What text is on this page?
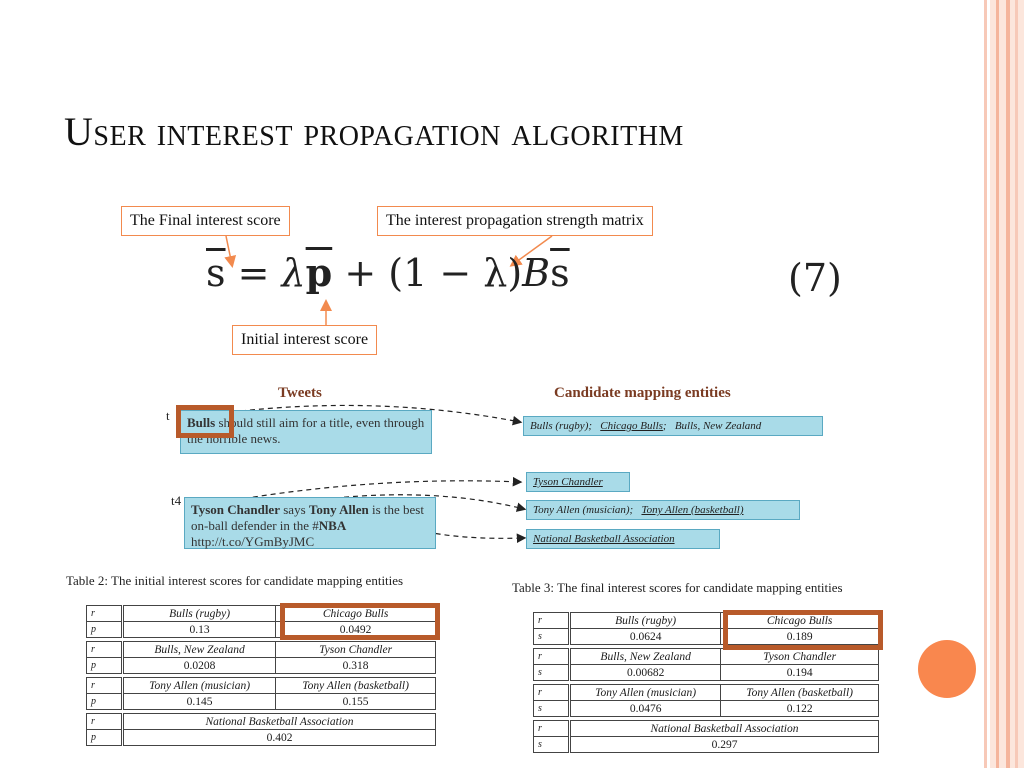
User interest propagation algorithm
The Final interest score	The interest propagation strength matrix
Initial interest score
$\overline{s} = \lambda\overline{p} + (1 - \lambda)B\overline{s}$	(7)
Tweets	Candidate mapping entities
t	Bulls should still aim for a title, even through the horrible news.
t4
Tyson Chandler says Tony Allen is the best on-ball defender in the #NBA http://t.co/YGmByJMC
Bulls (rugby); Chicago Bulls; Bulls, New Zealand
Tyson Chandler
Tony Allen (musician); Tony Allen (basketball)
National Basketball Association
Table 2: The initial interest scores for candidate mapping entities
r	Bulls (rugby)	Chicago Bulls
p	0.13	0.0492

r	Bulls, New Zealand	Tyson Chandler
p	0.0208	0.318

r	Tony Allen (musician)	Tony Allen (basketball)
p	0.145	0.155

r	National Basketball Association	
p	0.402	
Table 3: The final interest scores for candidate mapping entities
r	Bulls (rugby)	Chicago Bulls
s	0.0624	0.189

r	Bulls, New Zealand	Tyson Chandler
s	0.00682	0.194

r	Tony Allen (musician)	Tony Allen (basketball)
s	0.0476	0.122

r	National Basketball Association	
s	0.297	
